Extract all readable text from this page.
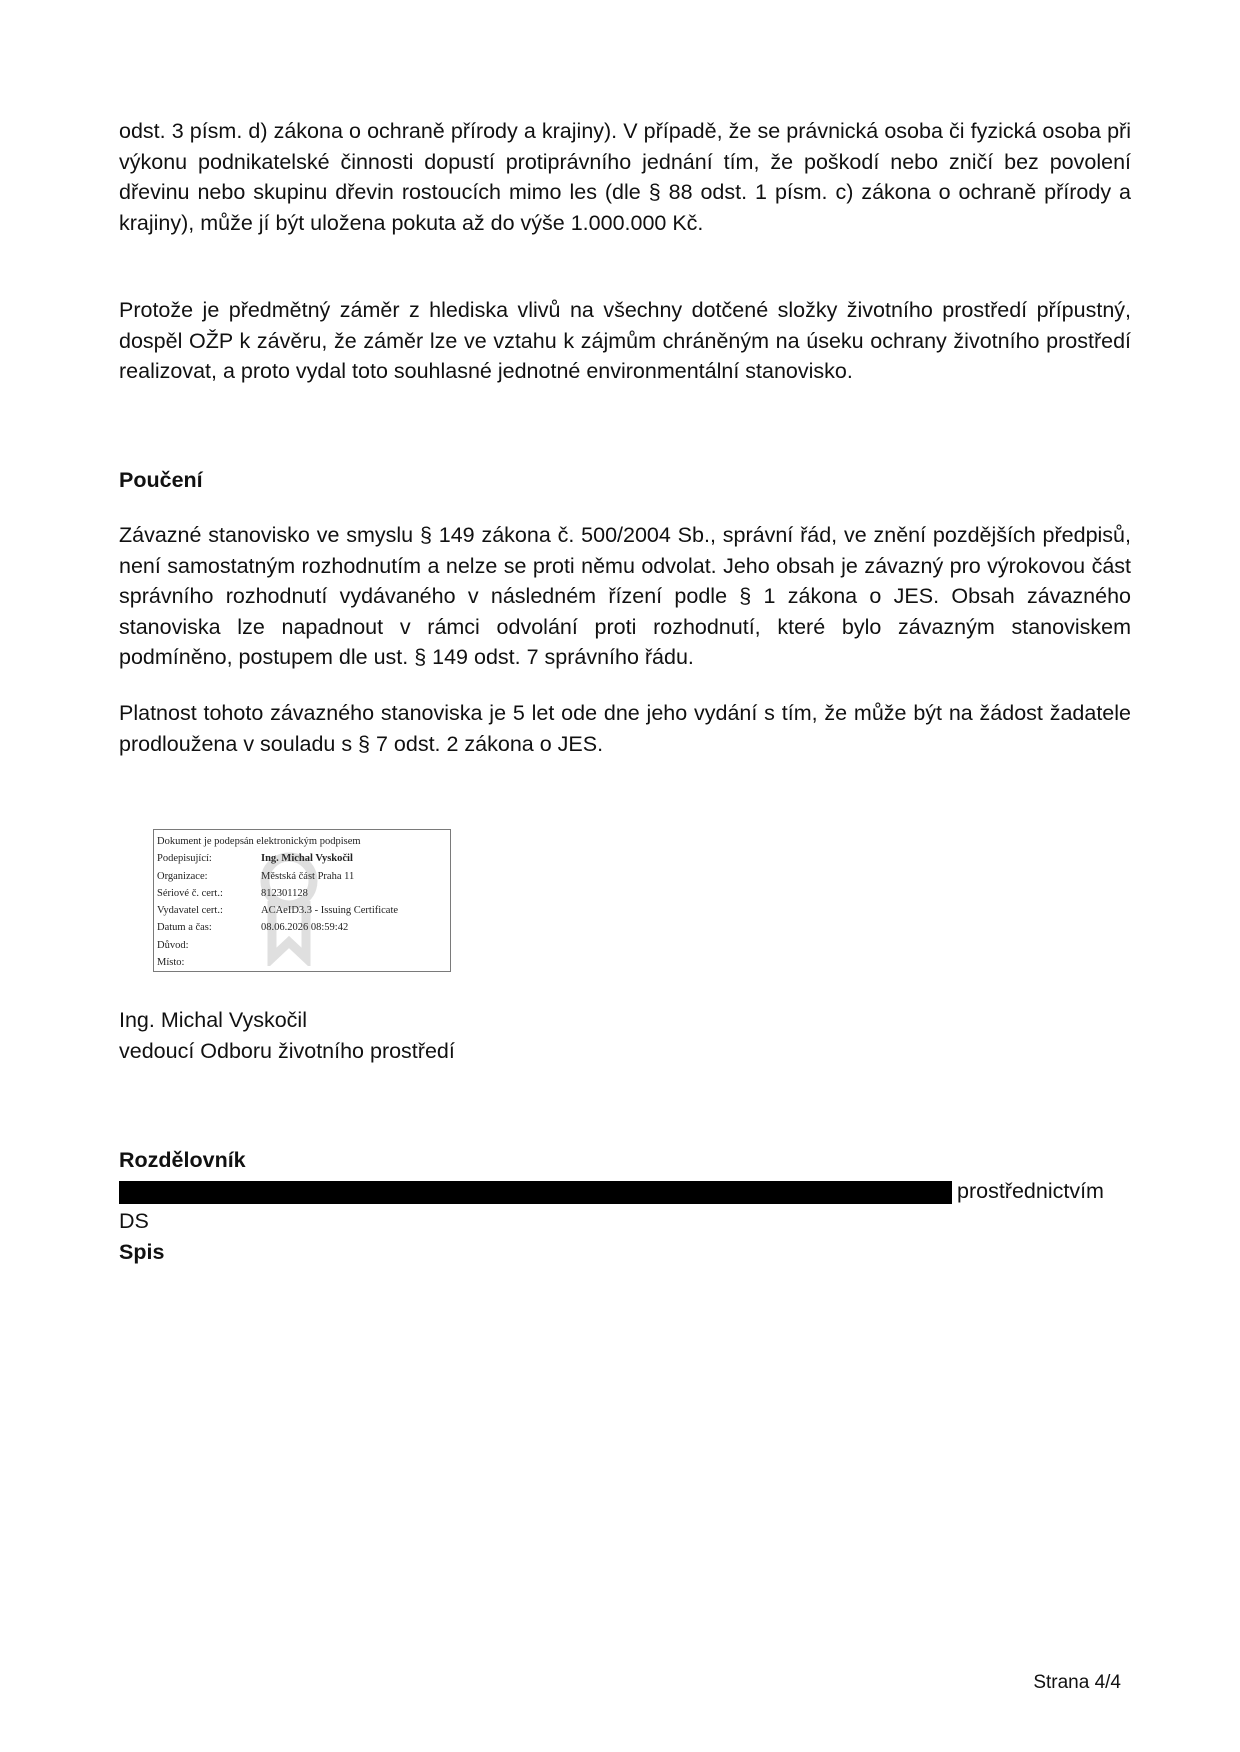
odst. 3 písm. d) zákona o ochraně přírody a krajiny). V případě, že se právnická osoba či fyzická osoba při výkonu podnikatelské činnosti dopustí protiprávního jednání tím, že poškodí nebo zničí bez povolení dřevinu nebo skupinu dřevin rostoucích mimo les (dle § 88 odst. 1 písm. c) zákona o ochraně přírody a krajiny), může jí být uložena pokuta až do výše 1.000.000 Kč.

Protože je předmětný záměr z hlediska vlivů na všechny dotčené složky životního prostředí přípustný, dospěl OŽP k závěru, že záměr lze ve vztahu k zájmům chráněným na úseku ochrany životního prostředí realizovat, a proto vydal toto souhlasné jednotné environmentální stanovisko.

Poučení

Závazné stanovisko ve smyslu § 149 zákona č. 500/2004 Sb., správní řád, ve znění pozdějších předpisů, není samostatným rozhodnutím a nelze se proti němu odvolat. Jeho obsah je závazný pro výrokovou část správního rozhodnutí vydávaného v následném řízení podle § 1 zákona o JES. Obsah závazného stanoviska lze napadnout v rámci odvolání proti rozhodnutí, které bylo závazným stanoviskem podmíněno, postupem dle ust. § 149 odst. 7 správního řádu.

Platnost tohoto závazného stanoviska je 5 let ode dne jeho vydání s tím, že může být na žádost žadatele prodloužena v souladu s § 7 odst. 2 zákona o JES.

Dokument je podepsán elektronickým podpisem
Podepisující:	Ing. Michal Vyskočil
Organizace:	Městská část Praha 11
Sériové č. cert.:	812301128
Vydavatel cert.:	ACAeID3.3 - Issuing Certificate
Datum a čas:	08.06.2026 08:59:42
Důvod:
Místo:
Ing. Michal Vyskočil
vedoucí Odboru životního prostředí
Rozdělovník
prostřednictvím
DS
Spis
Strana 4/4
